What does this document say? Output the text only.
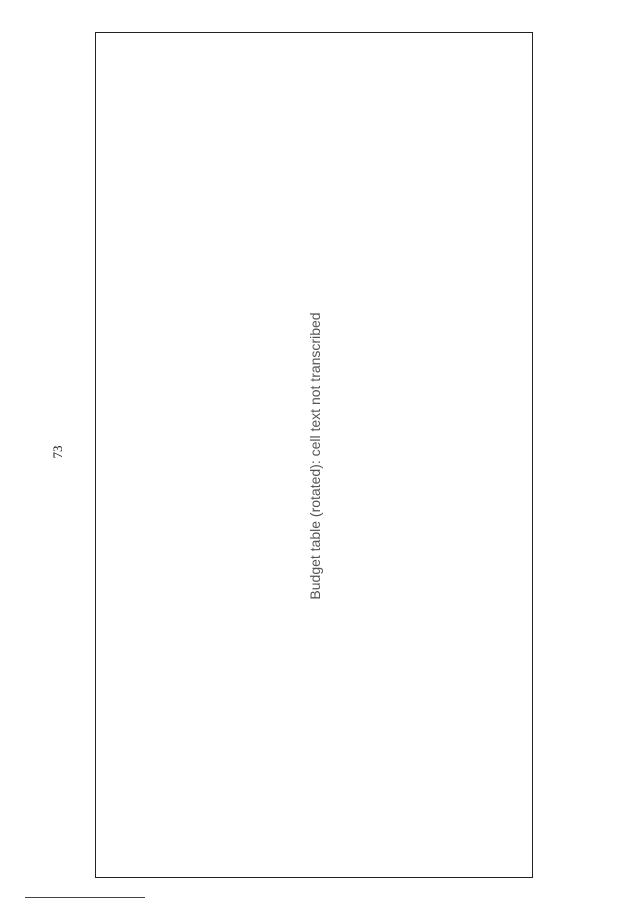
73	Budget table (rotated): cell text not transcribed
